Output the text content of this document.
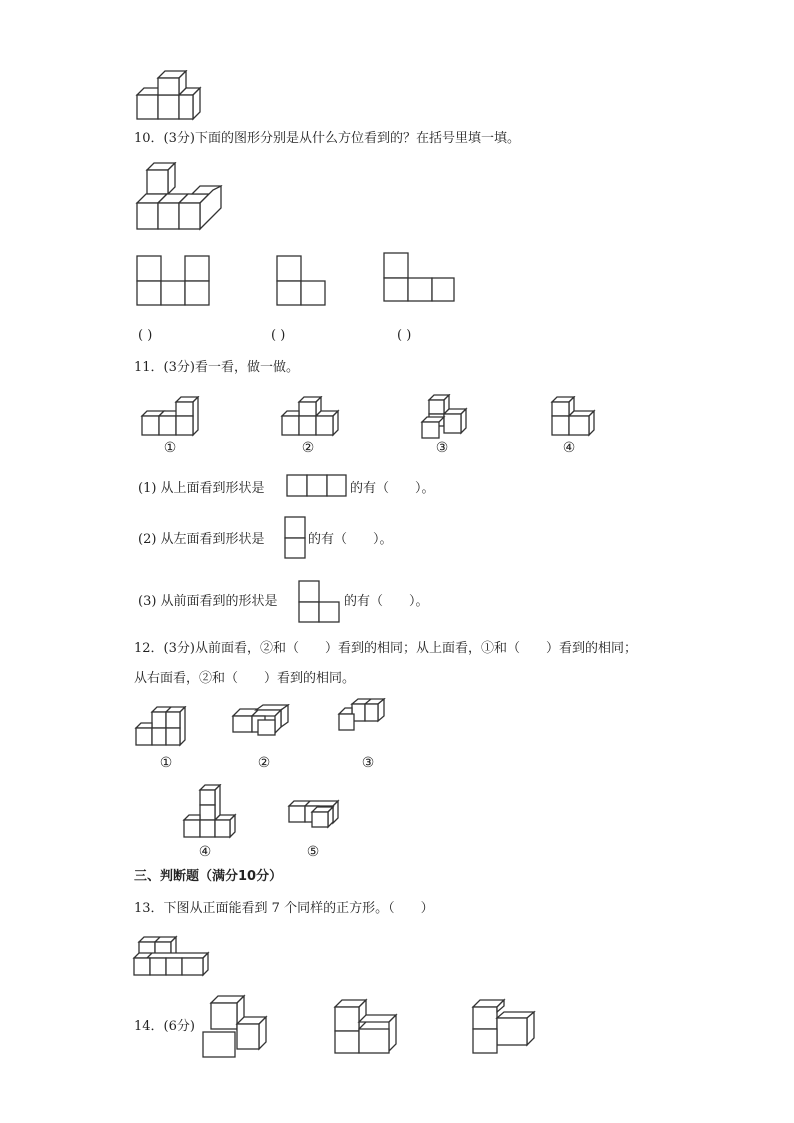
10．(3分)下面的图形分别是从什么方位看到的？在括号里填一填。
( )	( )	( )
11．(3分)看一看，做一做。
①	②	③	④
(1) 从上面看到形状是	的有（　　）。
(2) 从左面看到形状是	的有（　　）。
(3) 从前面看到的形状是	的有（　　）。
12．(3分)从前面看，②和（　　）看到的相同；从上面看，①和（　　）看到的相同；
从右面看，②和（　　）看到的相同。
①	②	③
④	⑤
三、判断题（满分10分）
13．下图从正面能看到 7 个同样的正方形。（　　）
14．(6分)
